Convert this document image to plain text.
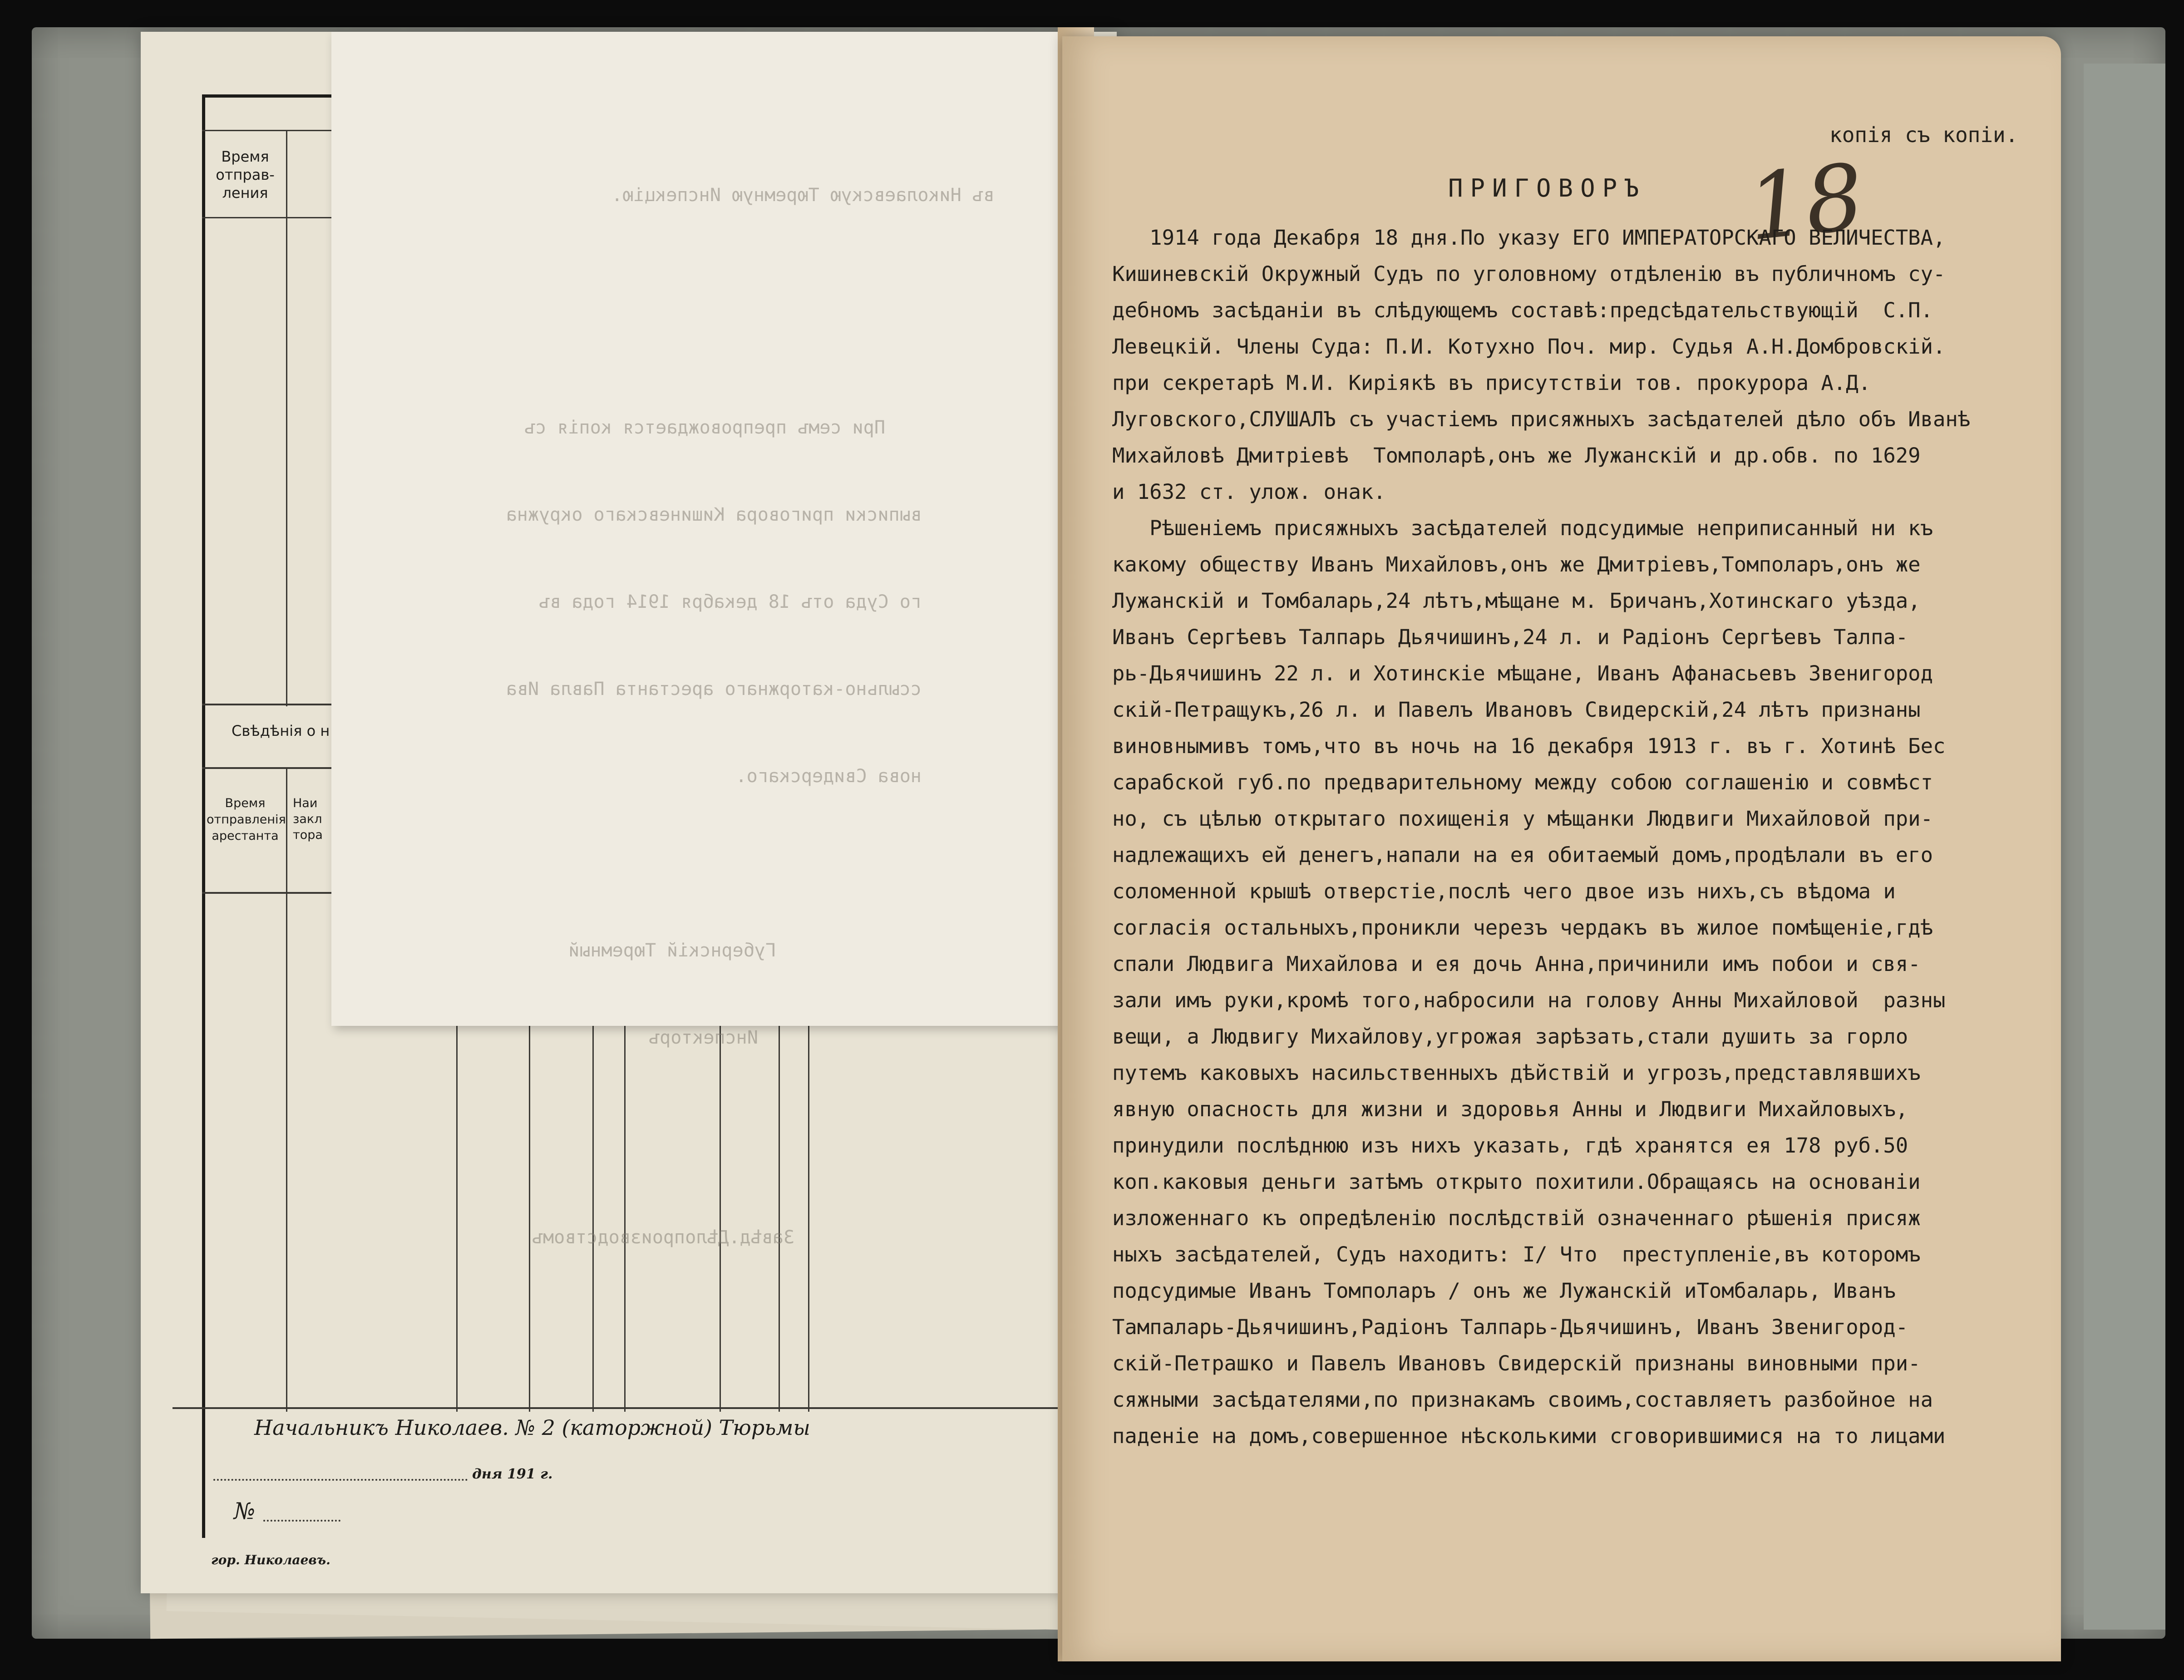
Время отправ-ления
Свѣдѣнія о н
Время отправленія арестанта
Наи
закл
тора
Начальникъ Николаев. № 2 (каторжной) Тюрьмы
дня 191 г.
№
гор. Николаевъ.

въ Николаевскую Тюремную Инспекцію.

При семъ препровождается копія съ

выписки приговора Кишиневскаго окружна

го Суда отъ 18 декабря 1914 года въ

ссыльно-каторжнаго арестанта Павла Ива

нова Свидерскаго.

Губернскій Тюремный

Инспекторъ

Завѣд.Дѣлопроизводствомъ

копія съ копіи.
ПРИГОВОРЪ 18
1914 года Декабря 18 дня.По указу ЕГО ИМПЕРАТОРСКАГО ВЕЛИЧЕСТВА,
Кишиневскій Окружный Судъ по уголовному отдѣленію въ публичномъ су-
дебномъ засѣданіи въ слѣдующемъ составѣ:предсѣдательствующій  С.П.
Левецкій. Члены Суда: П.И. Котухно Поч. мир. Судья А.Н.Домбровскій.
при секретарѣ М.И. Киріякѣ въ присутствіи тов. прокурора А.Д. Луговского,СЛУШАЛЪ съ участіемъ присяжныхъ засѣдателей дѣло объ Иванѣ
Михайловѣ Дмитріевѣ  Томполарѣ,онъ же Лужанскій и др.обв. по 1629
и 1632 ст. улож. онак.
Рѣшеніемъ присяжныхъ засѣдателей подсудимые неприписанный ни къ
какому обществу Иванъ Михайловъ,онъ же Дмитріевъ,Томполаръ,онъ же
Лужанскій и Томбаларь,24 лѣтъ,мѣщане м. Бричанъ,Хотинскаго уѣзда,
Иванъ Сергѣевъ Талпарь Дьячишинъ,24 л. и Радіонъ Сергѣевъ Талпа-
рь-Дьячишинъ 22 л. и Хотинскіе мѣщане, Иванъ Афанасьевъ Звенигород
скій-Петращукъ,26 л. и Павелъ Ивановъ Свидерскій,24 лѣтъ признаны
виновнымивъ томъ,что въ ночь на 16 декабря 1913 г. въ г. Хотинѣ Бес
сарабской губ.по предварительному между собою соглашенію и совмѣст
но, съ цѣлью открытаго похищенія у мѣщанки Людвиги Михайловой при-
надлежащихъ ей денегъ,напали на ея обитаемый домъ,продѣлали въ его
соломенной крышѣ отверстіе,послѣ чего двое изъ нихъ,съ вѣдома и
согласія остальныхъ,проникли черезъ чердакъ въ жилое помѣщеніе,гдѣ
спали Людвига Михайлова и ея дочь Анна,причинили имъ побои и свя-
зали имъ руки,кромѣ того,набросили на голову Анны Михайловой  разны
вещи, а Людвигу Михайлову,угрожая зарѣзать,стали душить за горло
путемъ каковыхъ насильственныхъ дѣйствій и угрозъ,представлявшихъ
явную опасность для жизни и здоровья Анны и Людвиги Михайловыхъ,
принудили послѣднюю изъ нихъ указать, гдѣ хранятся ея 178 руб.50
коп.каковыя деньги затѣмъ открыто похитили.Обращаясь на основаніи
изложеннаго къ опредѣленію послѣдствій означеннаго рѣшенія присяж
ныхъ засѣдателей, Судъ находитъ: I/ Что  преступленіе,въ которомъ
подсудимые Иванъ Томполаръ / онъ же Лужанскій иТомбаларь, Иванъ
Тампаларь-Дьячишинъ,Радіонъ Талпарь-Дьячишинъ, Иванъ Звенигород-
скій-Петрашко и Павелъ Ивановъ Свидерскій признаны виновными при-
сяжными засѣдателями,по признакамъ своимъ,составляетъ разбойное на
паденіе на домъ,совершенное нѣсколькими сговорившимися на то лицами
